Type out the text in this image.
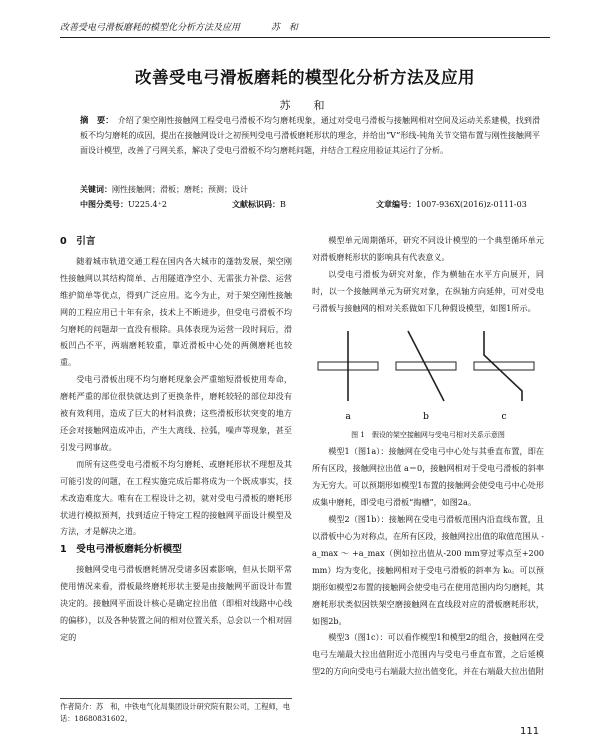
改善受电弓滑板磨耗的模型化分析方法及应用	苏　和
改善受电弓滑板磨耗的模型化分析方法及应用
苏　和
摘　要： 介绍了架空刚性接触网工程受电弓滑板不均匀磨耗现象，通过对受电弓滑板与接触网相对空间及运动关系建模，找到滑板不均匀磨耗的成因，提出在接触网设计之初预判受电弓滑板磨耗形状的理念，并给出“V”形线-钝角关节交错布置与刚性接触网平面设计模型，改善了弓网关系，解决了受电弓滑板不均匀磨耗问题，并结合工程应用验证其运行了分析。
关键词：刚性接触网；滑板；磨耗；预测；设计
中图分类号：U225.4⁺2	文献标识码：B	文章编号：1007-936X(2016)z-0111-03
0　引言

随着城市轨道交通工程在国内各大城市的蓬勃发展，架空刚性接触网以其结构简单、占用隧道净空小、无需张力补偿、运营维护简单等优点，得到广泛应用。迄今为止，对于架空刚性接触网的工程应用已十年有余，技术上不断进步，但受电弓滑板不均匀磨耗的问题却一直没有根除。具体表现为运营一段时间后，滑板凹凸不平，两端磨耗较重，靠近滑板中心处的两侧磨耗也较重。

受电弓滑板出现不均匀磨耗现象会严重缩短滑板使用寿命，磨耗严重的部位很快就达到了更换条件，磨耗较轻的部位却没有被有效利用，造成了巨大的材料浪费；这些滑板形状突变的地方还会对接触网造成冲击，产生大离线、拉弧，噪声等现象，甚至引发弓网事故。

而所有这些受电弓滑板不均匀磨耗、或磨耗形状不理想及其可能引发的问题，在工程实施完成后都将成为一个既成事实，技术改造难度大。唯有在工程设计之初，就对受电弓滑板的磨耗形状进行模拟预判，找到适应于特定工程的接触网平面设计模型及方法，才是解决之道。

1　受电弓滑板磨耗分析模型

接触网受电弓滑板磨耗情况受诸多因素影响，但从长期平常使用情况来看，滑板最终磨耗形状主要是由接触网平面设计布置决定的。接触网平面设计核心是确定拉出值（即相对线路中心线的偏移），以及各种装置之间的相对位置关系，总会以一个相对固定的

模型单元周期循环，研究不同设计模型的一个典型循环单元对滑板磨耗形状的影响具有代表意义。

以受电弓滑板为研究对象，作为横轴在水平方向展开，同时，以一个接触网单元为研究对象，在纵轴方向延伸，可对受电弓滑板与接触网的相对关系做如下几种假设模型，如图1所示。

a	b	c

图 1　假设的架空接触网与受电弓相对关系示意图

模型1（图1a）：接触网在受电弓中心处与其垂直布置，即在所有区段，接触网拉出值 a＝0，接触网相对于受电弓滑板的斜率为无穷大。可以预期形如模型1布置的接触网会使受电弓中心处形成集中磨耗，即受电弓滑板“掏槽”，如图2a。

模型2（图1b）：接触网在受电弓滑板范围内沿直线布置，且以滑板中心为对称点，在所有区段，接触网拉出值的取值范围从 -a_max ～ +a_max（例如拉出值从-200 mm穿过零点至+200 mm）均为变化，接触网相对于受电弓滑板的斜率为 k₀。可以预期形如模型2布置的接触网会使受电弓在使用范围内均匀磨耗，其磨耗形状类似因铁架空磨接触网在直线段对应的滑板磨耗形状，如图2b。

模型3（图1c）：可以看作模型1和模型2的组合，接触网在受电弓左端最大拉出值附近小范围内与受电弓垂直布置，之后延模型2的方向向受电弓右端最大拉出值变化，并在右端最大拉出值附

作者简介：苏　和，中铁电气化局集团设计研究院有限公司，工程师，电话：18680831602。
111
